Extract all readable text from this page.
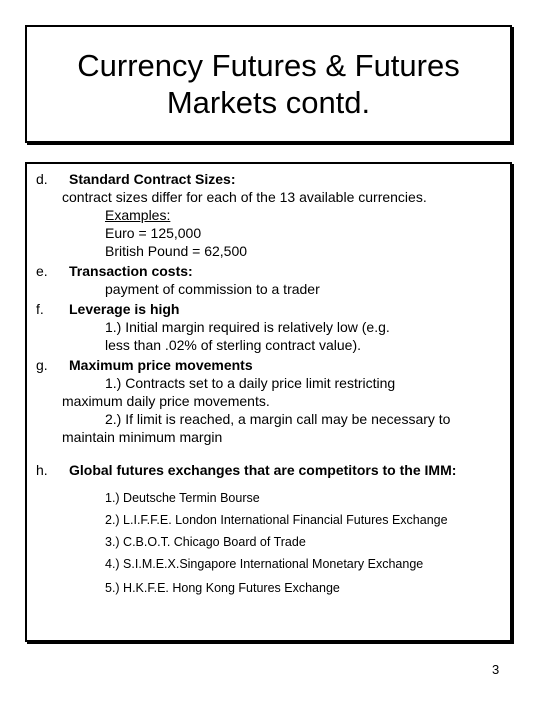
Currency Futures & Futures
Markets contd.
d. Standard Contract Sizes:
contract sizes differ for each of the 13 available currencies.
Examples:
Euro = 125,000
British Pound = 62,500
e. Transaction costs:
payment of commission to a trader
f. Leverage is high
1.) Initial margin required is relatively low (e.g.
less than .02% of sterling contract value).
g. Maximum price movements
1.) Contracts set to a daily price limit restricting
maximum daily price movements.
2.) If limit is reached, a margin call may be necessary to
maintain minimum margin
h. Global futures exchanges that are competitors to the IMM:
1.) Deutsche Termin Bourse
2.) L.I.F.F.E. London International Financial Futures Exchange
3.) C.B.O.T. Chicago Board of Trade
4.) S.I.M.E.X.Singapore International Monetary Exchange
5.) H.K.F.E. Hong Kong Futures Exchange
3
